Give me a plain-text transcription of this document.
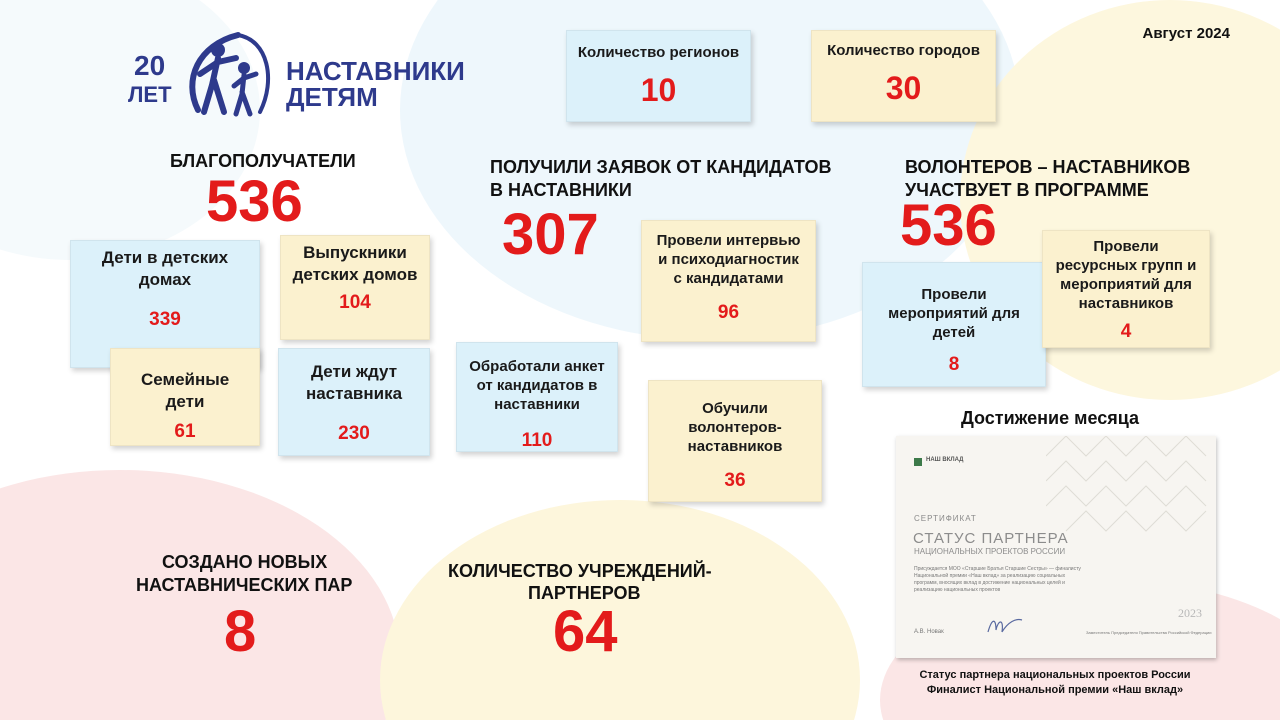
20
ЛЕТ
НАСТАВНИКИ
ДЕТЯМ
Август 2024
Количество регионов
10
Количество городов
30
БЛАГОПОЛУЧАТЕЛИ
536
Дети в детских домах
339
Выпускники детских домов
104
Семейные дети
61
Дети ждут наставника
230
ПОЛУЧИЛИ ЗАЯВОК ОТ КАНДИДАТОВ
В НАСТАВНИКИ
307	Провели интервью и психодиагностик с кандидатами
96
Обработали анкет от кандидатов в наставники
110
Обучили волонтеров-наставников
36
ВОЛОНТЕРОВ – НАСТАВНИКОВ
УЧАСТВУЕТ В ПРОГРАММЕ
536
Провели мероприятий для детей
8
Провели ресурсных групп и мероприятий для наставников
4
СОЗДАНО НОВЫХ
НАСТАВНИЧЕСКИХ ПАР
8
КОЛИЧЕСТВО УЧРЕЖДЕНИЙ-
ПАРТНЕРОВ
64
Достижение месяца
НАШ ВКЛАД
СЕРТИФИКАТ
СТАТУС ПАРТНЕРА
НАЦИОНАЛЬНЫХ ПРОЕКТОВ РОССИИ
Присуждается МОО «Старшие Братья Старшие Сестры» — финалисту Национальной премии «Наш вклад» за реализацию социальных программ, вносящих вклад в достижение национальных целей и реализацию национальных проектов
2023
А.В. Новак	Заместитель Председателя Правительства Российской Федерации
Статус партнера национальных проектов России
Финалист Национальной премии «Наш вклад»
